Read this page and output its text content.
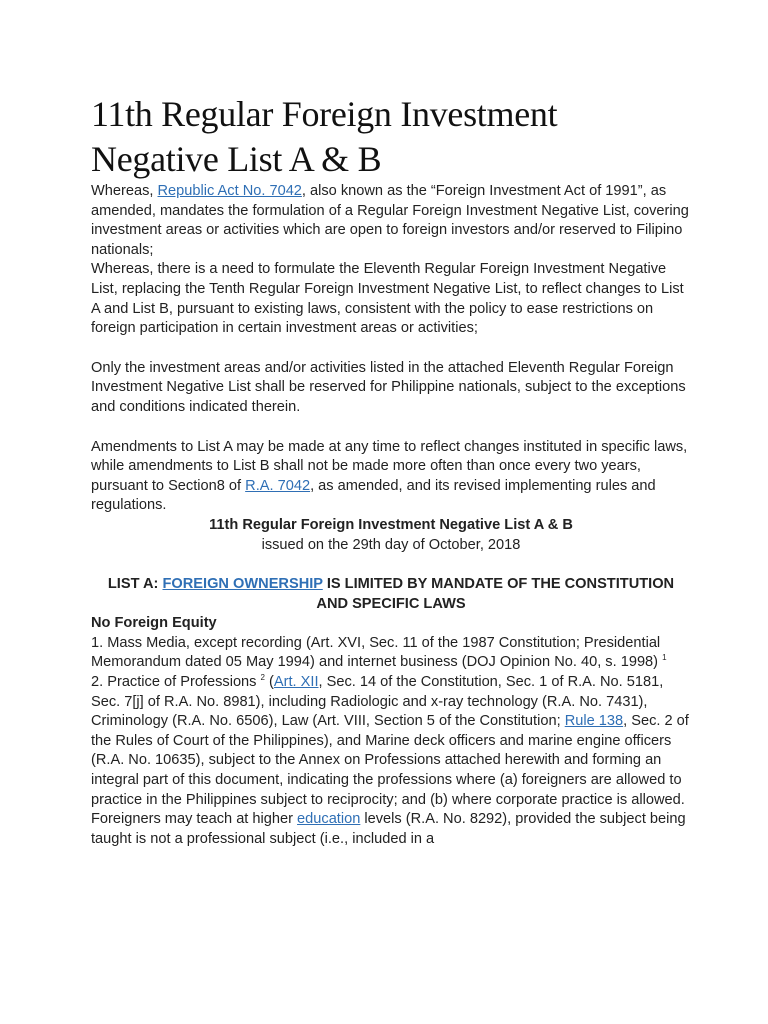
11th Regular Foreign Investment
Negative List A & B

Whereas, Republic Act No. 7042, also known as the “Foreign Investment Act of 1991”, as amended, mandates the formulation of a Regular Foreign Investment Negative List, covering investment areas or activities which are open to foreign investors and/or reserved to Filipino nationals;

Whereas, there is a need to formulate the Eleventh Regular Foreign Investment Negative List, replacing the Tenth Regular Foreign Investment Negative List, to reflect changes to List A and List B, pursuant to existing laws, consistent with the policy to ease restrictions on foreign participation in certain investment areas or activities;

Only the investment areas and/or activities listed in the attached Eleventh Regular Foreign Investment Negative List shall be reserved for Philippine nationals, subject to the exceptions and conditions indicated therein.

Amendments to List A may be made at any time to reflect changes instituted in specific laws, while amendments to List B shall not be made more often than once every two years, pursuant to Section8 of R.A. 7042, as amended, and its revised implementing rules and regulations.

11th Regular Foreign Investment Negative List A & B

issued on the 29th day of October, 2018

LIST A: FOREIGN OWNERSHIP IS LIMITED BY MANDATE OF THE CONSTITUTION AND SPECIFIC LAWS

No Foreign Equity

1. Mass Media, except recording (Art. XVI, Sec. 11 of the 1987 Constitution; Presidential Memorandum dated 05 May 1994) and internet business (DOJ Opinion No. 40, s. 1998) $^1$

2. Practice of Professions $^2$ (Art. XII, Sec. 14 of the Constitution, Sec. 1 of R.A. No. 5181, Sec. 7[j] of R.A. No. 8981), including Radiologic and x-ray technology (R.A. No. 7431), Criminology (R.A. No. 6506), Law (Art. VIII, Section 5 of the Constitution; Rule 138, Sec. 2 of the Rules of Court of the Philippines), and Marine deck officers and marine engine officers (R.A. No. 10635), subject to the Annex on Professions attached herewith and forming an integral part of this document, indicating the professions where (a) foreigners are allowed to practice in the Philippines subject to reciprocity; and (b) where corporate practice is allowed. Foreigners may teach at higher education levels (R.A. No. 8292), provided the subject being taught is not a professional subject (i.e., included in a
